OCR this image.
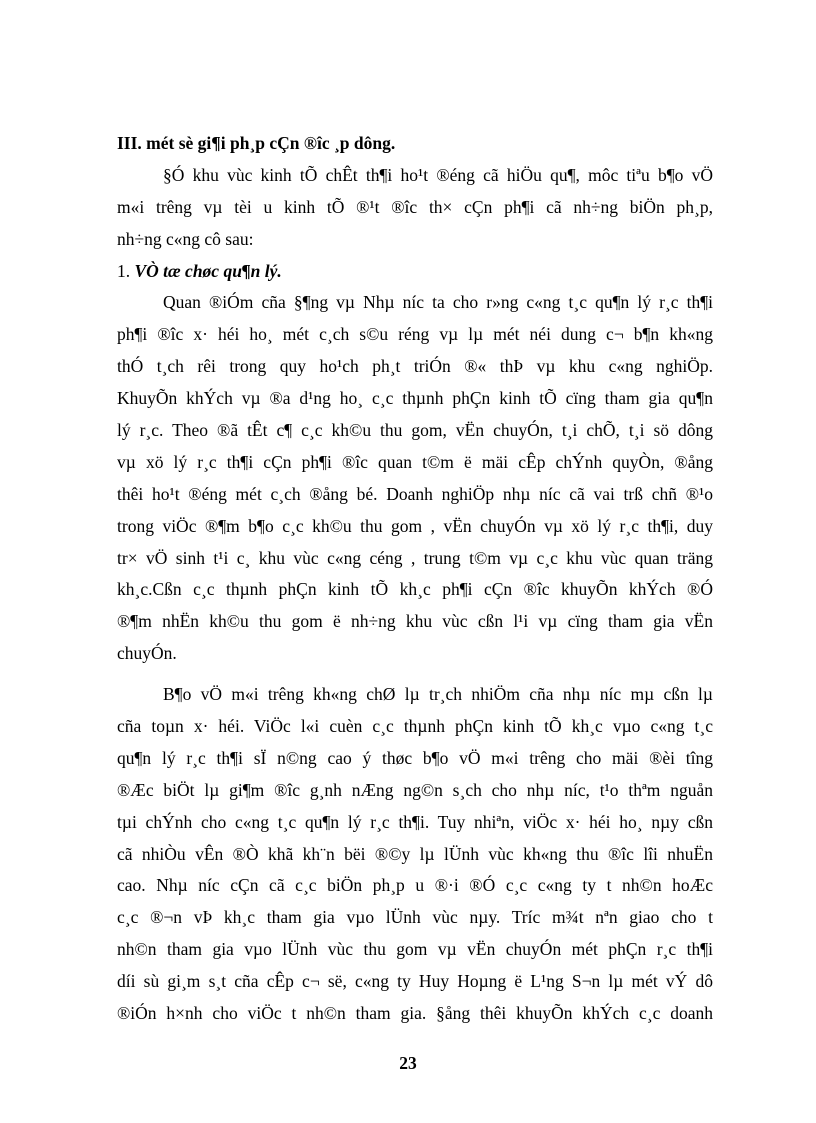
III. mét sè gi¶i ph¸p cÇn ®îc ¸p dông.
§Ó khu vùc kinh tÕ chÊt th¶i ho¹t ®éng cã hiÖu qu¶, môc tiªu b¶o vÖ
m«i trêng vµ tèi u kinh tÕ ®¹t ®îc th× cÇn ph¶i cã nh÷ng biÖn ph¸p,
nh÷ng c«ng cô sau:
1. VÒ tæ chøc qu¶n lý.
Quan ®iÓm cña §¶ng vµ Nhµ níc ta cho r»ng c«ng t¸c qu¶n lý r¸c th¶i
ph¶i ®îc x· héi ho¸ mét c¸ch s©u réng vµ lµ mét néi dung c¬ b¶n kh«ng
thÓ t¸ch rêi trong quy ho¹ch ph¸t triÓn ®« thÞ vµ khu c«ng nghiÖp.
KhuyÕn khÝch vµ ®a d¹ng ho¸ c¸c thµnh phÇn kinh tÕ cïng tham gia qu¶n
lý r¸c. Theo ®ã tÊt c¶ c¸c kh©u thu gom, vËn chuyÓn, t¸i chÕ, t¸i sö dông
vµ xö lý r¸c th¶i cÇn ph¶i ®îc quan t©m ë mäi cÊp chÝnh quyÒn, ®ång
thêi ho¹t ®éng mét c¸ch ®ång bé. Doanh nghiÖp nhµ níc cã vai trß chñ ®¹o
trong viÖc ®¶m b¶o c¸c kh©u thu gom , vËn chuyÓn vµ xö lý r¸c th¶i, duy
tr× vÖ sinh t¹i c¸ khu vùc c«ng céng , trung t©m vµ c¸c khu vùc quan träng
kh¸c.Cßn c¸c thµnh phÇn kinh tÕ kh¸c ph¶i cÇn ®îc khuyÕn khÝch ®Ó
®¶m nhËn kh©u thu gom ë nh÷ng khu vùc cßn l¹i vµ cïng tham gia vËn
chuyÓn.
B¶o vÖ m«i trêng kh«ng chØ lµ tr¸ch nhiÖm cña nhµ níc mµ cßn lµ
cña toµn x· héi. ViÖc l«i cuèn c¸c thµnh phÇn kinh tÕ kh¸c vµo c«ng t¸c
qu¶n lý r¸c th¶i sÏ n©ng cao ý thøc b¶o vÖ m«i trêng cho mäi ®èi tîng
®Æc biÖt lµ gi¶m ®îc g¸nh nÆng ng©n s¸ch cho nhµ níc, t¹o thªm nguån
tµi chÝnh cho c«ng t¸c qu¶n lý r¸c th¶i. Tuy nhiªn, viÖc x· héi ho¸ nµy cßn
cã nhiÒu vÊn ®Ò khã kh¨n bëi ®©y lµ lÜnh vùc kh«ng thu ®îc lîi nhuËn
cao. Nhµ níc cÇn cã c¸c biÖn ph¸p u ®·i ®Ó c¸c c«ng ty t nh©n hoÆc
c¸c ®¬n vÞ kh¸c tham gia vµo lÜnh vùc nµy. Tríc m¾t nªn giao cho t
nh©n tham gia vµo lÜnh vùc thu gom vµ vËn chuyÓn mét phÇn r¸c th¶i
díi sù gi¸m s¸t cña cÊp c¬ së, c«ng ty Huy Hoµng ë L¹ng S¬n lµ mét vÝ dô
®iÓn h×nh cho viÖc t nh©n tham gia. §ång thêi khuyÕn khÝch c¸c doanh
23
